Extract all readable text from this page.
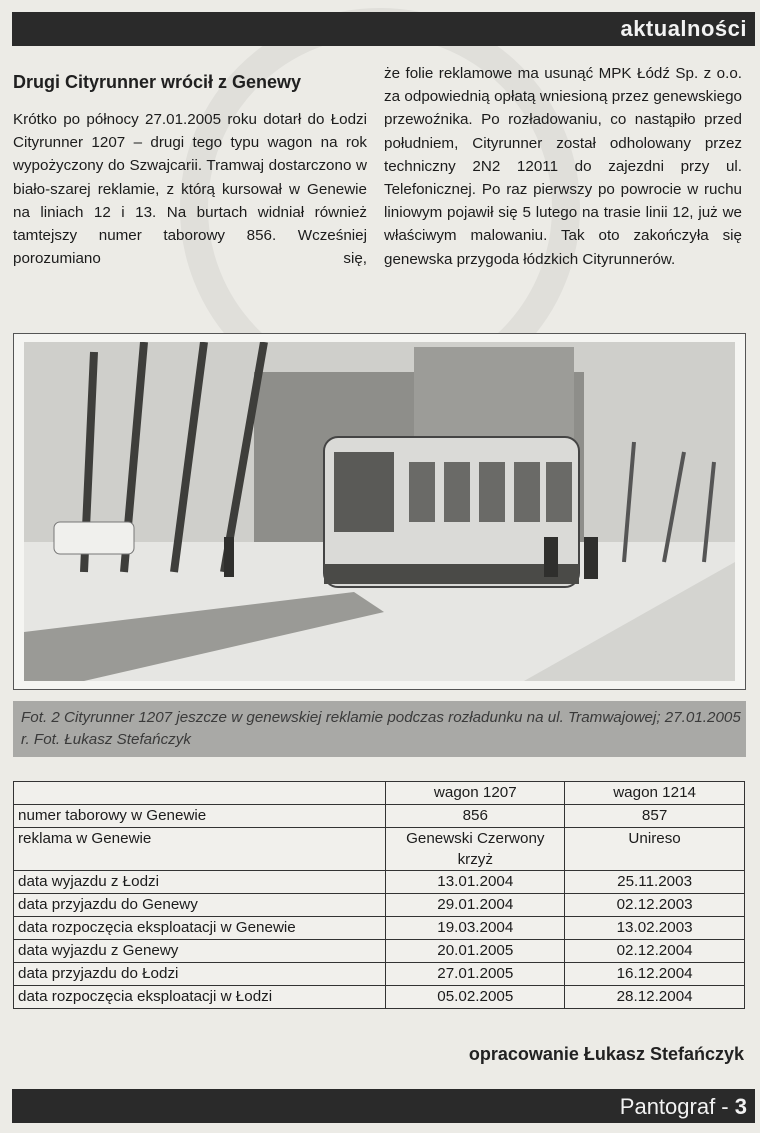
aktualności
Drugi Cityrunner wrócił z Genewy

Krótko po północy 27.01.2005 roku dotarł do Łodzi Cityrunner 1207 – drugi tego typu wagon na rok wypożyczony do Szwajcarii. Tramwaj dostarczono w biało-szarej reklamie, z którą kursował w Genewie na liniach 12 i 13. Na burtach widniał również tamtejszy numer taborowy 856. Wcześniej porozumiano się,

że folie reklamowe ma usunąć MPK Łódź Sp. z o.o. za odpowiednią opłatą wniesioną przez genewskiego przewoźnika. Po rozładowaniu, co nastąpiło przed południem, Cityrunner został odholowany przez techniczny 2N2 12011 do zajezdni przy ul. Telefonicznej. Po raz pierwszy po powrocie w ruchu liniowym pojawił się 5 lutego na trasie linii 12, już we właściwym malowaniu. Tak oto zakończyła się genewska przygoda łódzkich Cityrunnerów.

Fot. 2 Cityrunner 1207 jeszcze w genewskiej reklamie podczas rozładunku na ul. Tramwajowej; 27.01.2005 r. Fot. Łukasz Stefańczyk
	wagon 1207	wagon 1214
numer taborowy w Genewie	856	857
reklama w Genewie	Genewski Czerwony krzyż	Unireso
data wyjazdu z Łodzi	13.01.2004	25.11.2003
data przyjazdu do Genewy	29.01.2004	02.12.2003
data rozpoczęcia eksploatacji w Genewie	19.03.2004	13.02.2003
data wyjazdu z Genewy	20.01.2005	02.12.2004
data przyjazdu do Łodzi	27.01.2005	16.12.2004
data rozpoczęcia eksploatacji w Łodzi	05.02.2005	28.12.2004
opracowanie Łukasz Stefańczyk
Pantograf - 3
